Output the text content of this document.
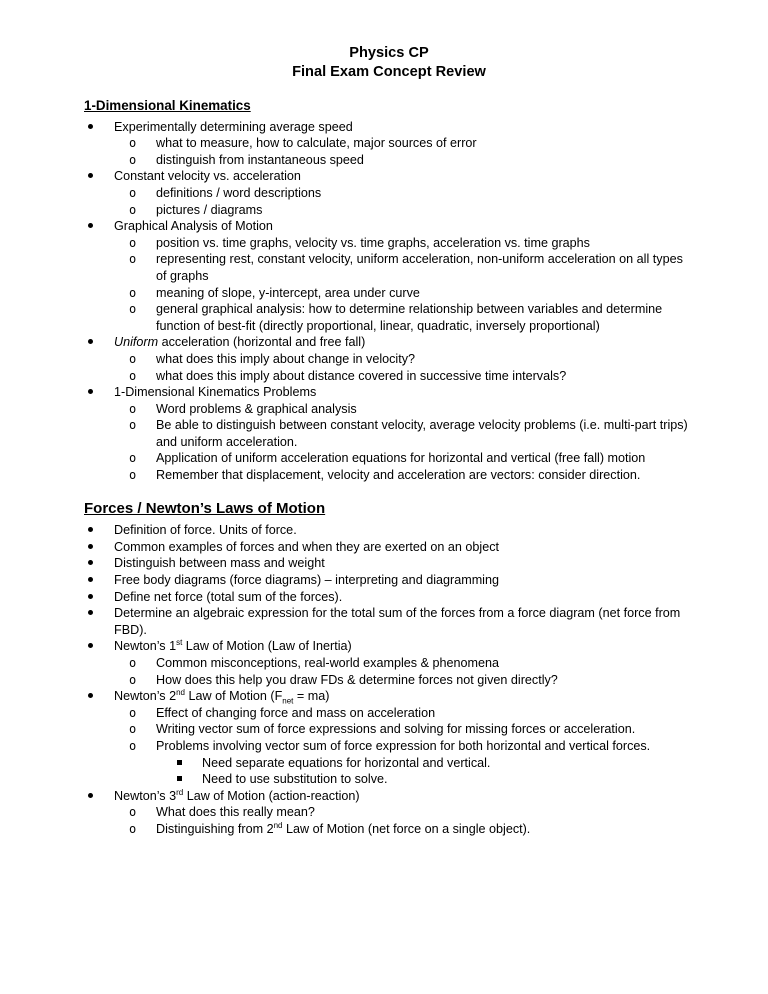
Physics CP
Final Exam Concept Review
1-Dimensional Kinematics
Experimentally determining average speed
o what to measure, how to calculate, major sources of error
o distinguish from instantaneous speed
Constant velocity vs. acceleration
o definitions / word descriptions
o pictures / diagrams
Graphical Analysis of Motion
o position vs. time graphs, velocity vs. time graphs, acceleration vs. time graphs
o representing rest, constant velocity, uniform acceleration, non-uniform acceleration on all types of graphs
o meaning of slope, y-intercept, area under curve
o general graphical analysis: how to determine relationship between variables and determine function of best-fit (directly proportional, linear, quadratic, inversely proportional)
Uniform acceleration (horizontal and free fall)
o what does this imply about change in velocity?
o what does this imply about distance covered in successive time intervals?
1-Dimensional Kinematics Problems
o Word problems & graphical analysis
o Be able to distinguish between constant velocity, average velocity problems (i.e. multi-part trips) and uniform acceleration.
o Application of uniform acceleration equations for horizontal and vertical (free fall) motion
o Remember that displacement, velocity and acceleration are vectors: consider direction.
Forces / Newton’s Laws of Motion
Definition of force. Units of force.
Common examples of forces and when they are exerted on an object
Distinguish between mass and weight
Free body diagrams (force diagrams) – interpreting and diagramming
Define net force (total sum of the forces).
Determine an algebraic expression for the total sum of the forces from a force diagram (net force from FBD).
Newton’s 1st Law of Motion (Law of Inertia)
o Common misconceptions, real-world examples & phenomena
o How does this help you draw FDs & determine forces not given directly?
Newton’s 2nd Law of Motion $(F_{net} = ma)$
o Effect of changing force and mass on acceleration
o Writing vector sum of force expressions and solving for missing forces or acceleration.
o Problems involving vector sum of force expression for both horizontal and vertical forces.
Need separate equations for horizontal and vertical.
Need to use substitution to solve.
Newton’s 3rd Law of Motion (action-reaction)
o What does this really mean?
o Distinguishing from 2nd Law of Motion (net force on a single object).
